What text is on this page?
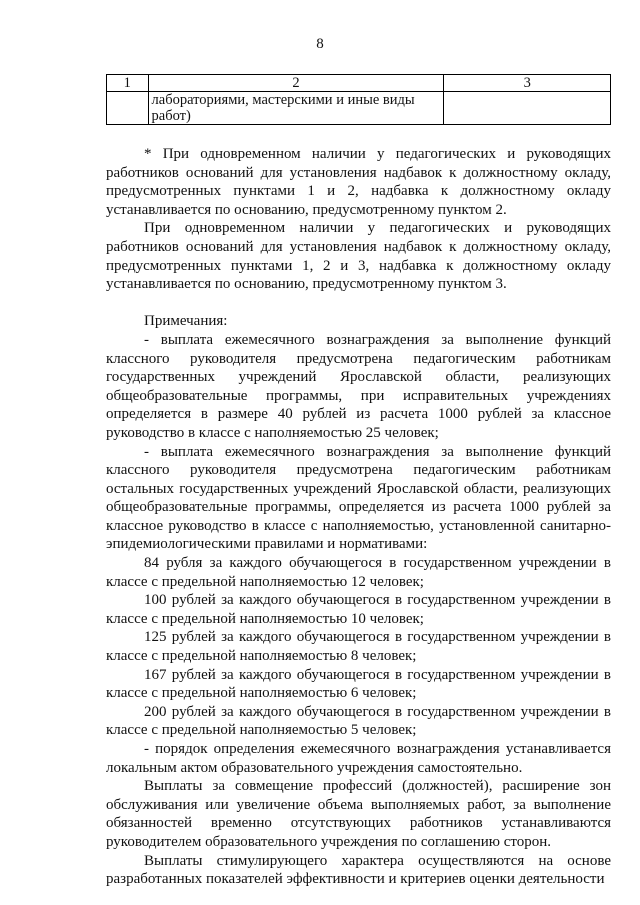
8
1	2	3
	лабораториями, мастерскими и иные виды работ)	

* При одновременном наличии у педагогических и руководящих работников оснований для установления надбавок к должностному окладу, предусмотренных пунктами 1 и 2, надбавка к должностному окладу устанавливается по основанию, предусмотренному пунктом 2.

При одновременном наличии у педагогических и руководящих работников оснований для установления надбавок к должностному окладу, предусмотренных пунктами 1, 2 и 3, надбавка к должностному окладу устанавливается по основанию, предусмотренному пунктом 3.

Примечания:

- выплата ежемесячного вознаграждения за выполнение функций классного руководителя предусмотрена педагогическим работникам государственных учреждений Ярославской области, реализующих общеобразовательные программы, при исправительных учреждениях определяется в размере 40 рублей из расчета 1000 рублей за классное руководство в классе с наполняемостью 25 человек;

- выплата ежемесячного вознаграждения за выполнение функций классного руководителя предусмотрена педагогическим работникам остальных государственных учреждений Ярославской области, реализующих общеобразовательные программы, определяется из расчета 1000 рублей за классное руководство в классе с наполняемостью, установленной санитарно-эпидемиологическими правилами и нормативами:

84 рубля за каждого обучающегося в государственном учреждении в классе с предельной наполняемостью 12 человек;

100 рублей за каждого обучающегося в государственном учреждении в классе с предельной наполняемостью 10 человек;

125 рублей за каждого обучающегося в государственном учреждении в классе с предельной наполняемостью 8 человек;

167 рублей за каждого обучающегося в государственном учреждении в классе с предельной наполняемостью 6 человек;

200 рублей за каждого обучающегося в государственном учреждении в классе с предельной наполняемостью 5 человек;

- порядок определения ежемесячного вознаграждения устанавливается локальным актом образовательного учреждения самостоятельно.

Выплаты за совмещение профессий (должностей), расширение зон обслуживания или увеличение объема выполняемых работ, за выполнение обязанностей временно отсутствующих работников устанавливаются руководителем образовательного учреждения по соглашению сторон.

Выплаты стимулирующего характера осуществляются на основе разработанных показателей эффективности и критериев оценки деятельности
